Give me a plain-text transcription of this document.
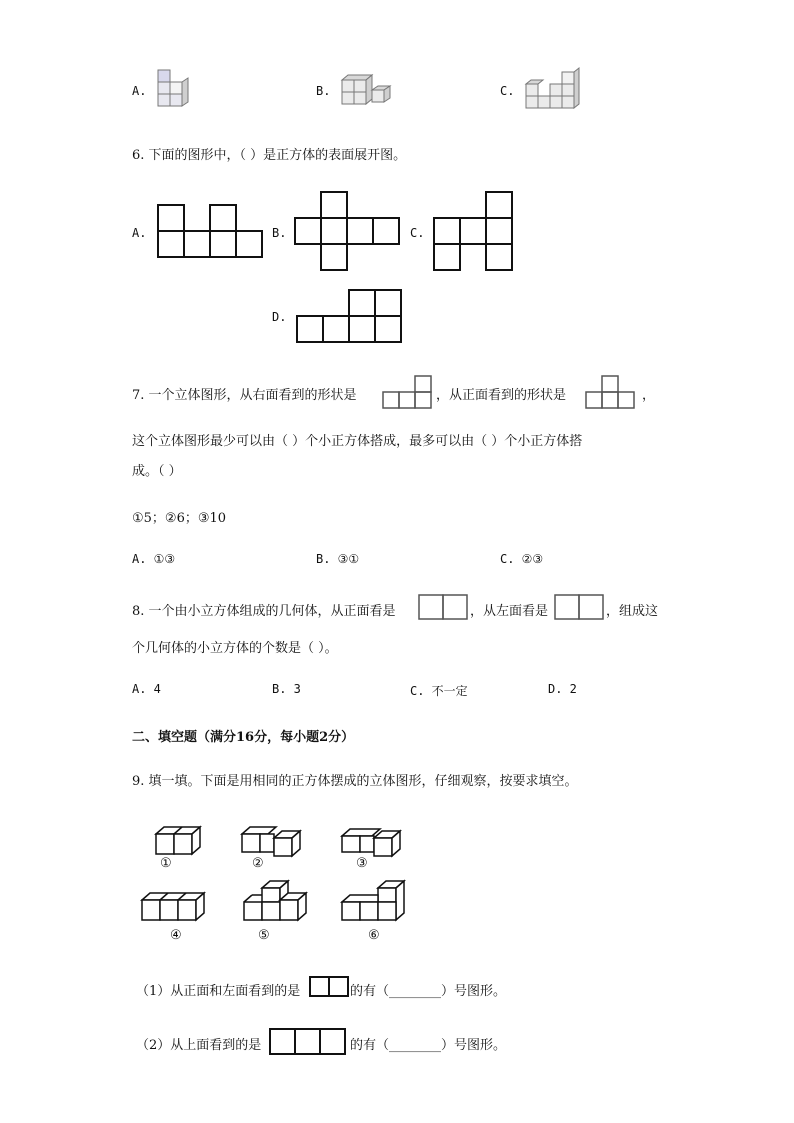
A.	B.	C.
6. 下面的图形中，（ ）是正方体的表面展开图。
A.	B.	C.
D.
7. 一个立体图形，从右面看到的形状是	，从正面看到的形状是	，
这个立体图形最少可以由（ ）个小正方体搭成，最多可以由（ ）个小正方体搭
成。（ ）
①5；②6；③10
A. ①③	B. ③①	C. ②③
8. 一个由小立方体组成的几何体，从正面看是	，从左面看是	，组成这
个几何体的小立方体的个数是（ ）。
A. 4	B. 3	C. 不一定	D. 2
二、填空题（满分16分，每小题2分）
9. 填一填。下面是用相同的正方体摆成的立体图形，仔细观察，按要求填空。
①	②	③
④	⑤	⑥
（1）从正面和左面看到的是	的有（________）号图形。
（2）从上面看到的是	的有（________）号图形。
